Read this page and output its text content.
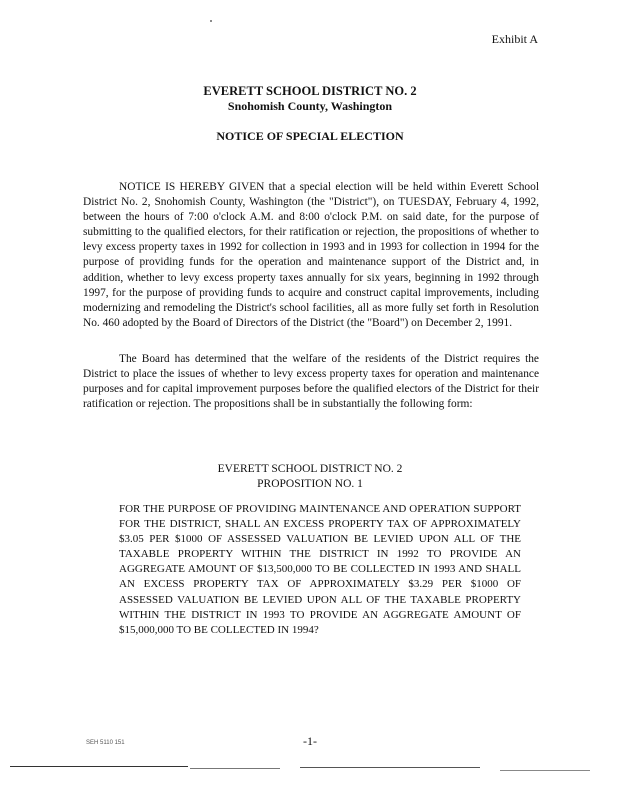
Exhibit A
EVERETT SCHOOL DISTRICT NO. 2
Snohomish County, Washington
NOTICE OF SPECIAL ELECTION

NOTICE IS HEREBY GIVEN that a special election will be held within Everett School District No. 2, Snohomish County, Washington (the "District"), on TUESDAY, February 4, 1992, between the hours of 7:00 o'clock A.M. and 8:00 o'clock P.M. on said date, for the purpose of submitting to the qualified electors, for their ratification or rejection, the propositions of whether to levy excess property taxes in 1992 for collection in 1993 and in 1993 for collection in 1994 for the purpose of providing funds for the operation and maintenance support of the District and, in addition, whether to levy excess property taxes annually for six years, beginning in 1992 through 1997, for the purpose of providing funds to acquire and construct capital improvements, including modernizing and remodeling the District's school facilities, all as more fully set forth in Resolution No. 460 adopted by the Board of Directors of the District (the "Board") on December 2, 1991.

The Board has determined that the welfare of the residents of the District requires the District to place the issues of whether to levy excess property taxes for operation and maintenance purposes and for capital improvement purposes before the qualified electors of the District for their ratification or rejection. The propositions shall be in substantially the following form:

EVERETT SCHOOL DISTRICT NO. 2
PROPOSITION NO. 1

FOR THE PURPOSE OF PROVIDING MAINTENANCE AND OPERATION SUPPORT FOR THE DISTRICT, SHALL AN EXCESS PROPERTY TAX OF APPROXIMATELY $3.05 PER $1000 OF ASSESSED VALUATION BE LEVIED UPON ALL OF THE TAXABLE PROPERTY WITHIN THE DISTRICT IN 1992 TO PROVIDE AN AGGREGATE AMOUNT OF $13,500,000 TO BE COLLECTED IN 1993 AND SHALL AN EXCESS PROPERTY TAX OF APPROXIMATELY $3.29 PER $1000 OF ASSESSED VALUATION BE LEVIED UPON ALL OF THE TAXABLE PROPERTY WITHIN THE DISTRICT IN 1993 TO PROVIDE AN AGGREGATE AMOUNT OF $15,000,000 TO BE COLLECTED IN 1994?

SEH 5110 151	-1-
